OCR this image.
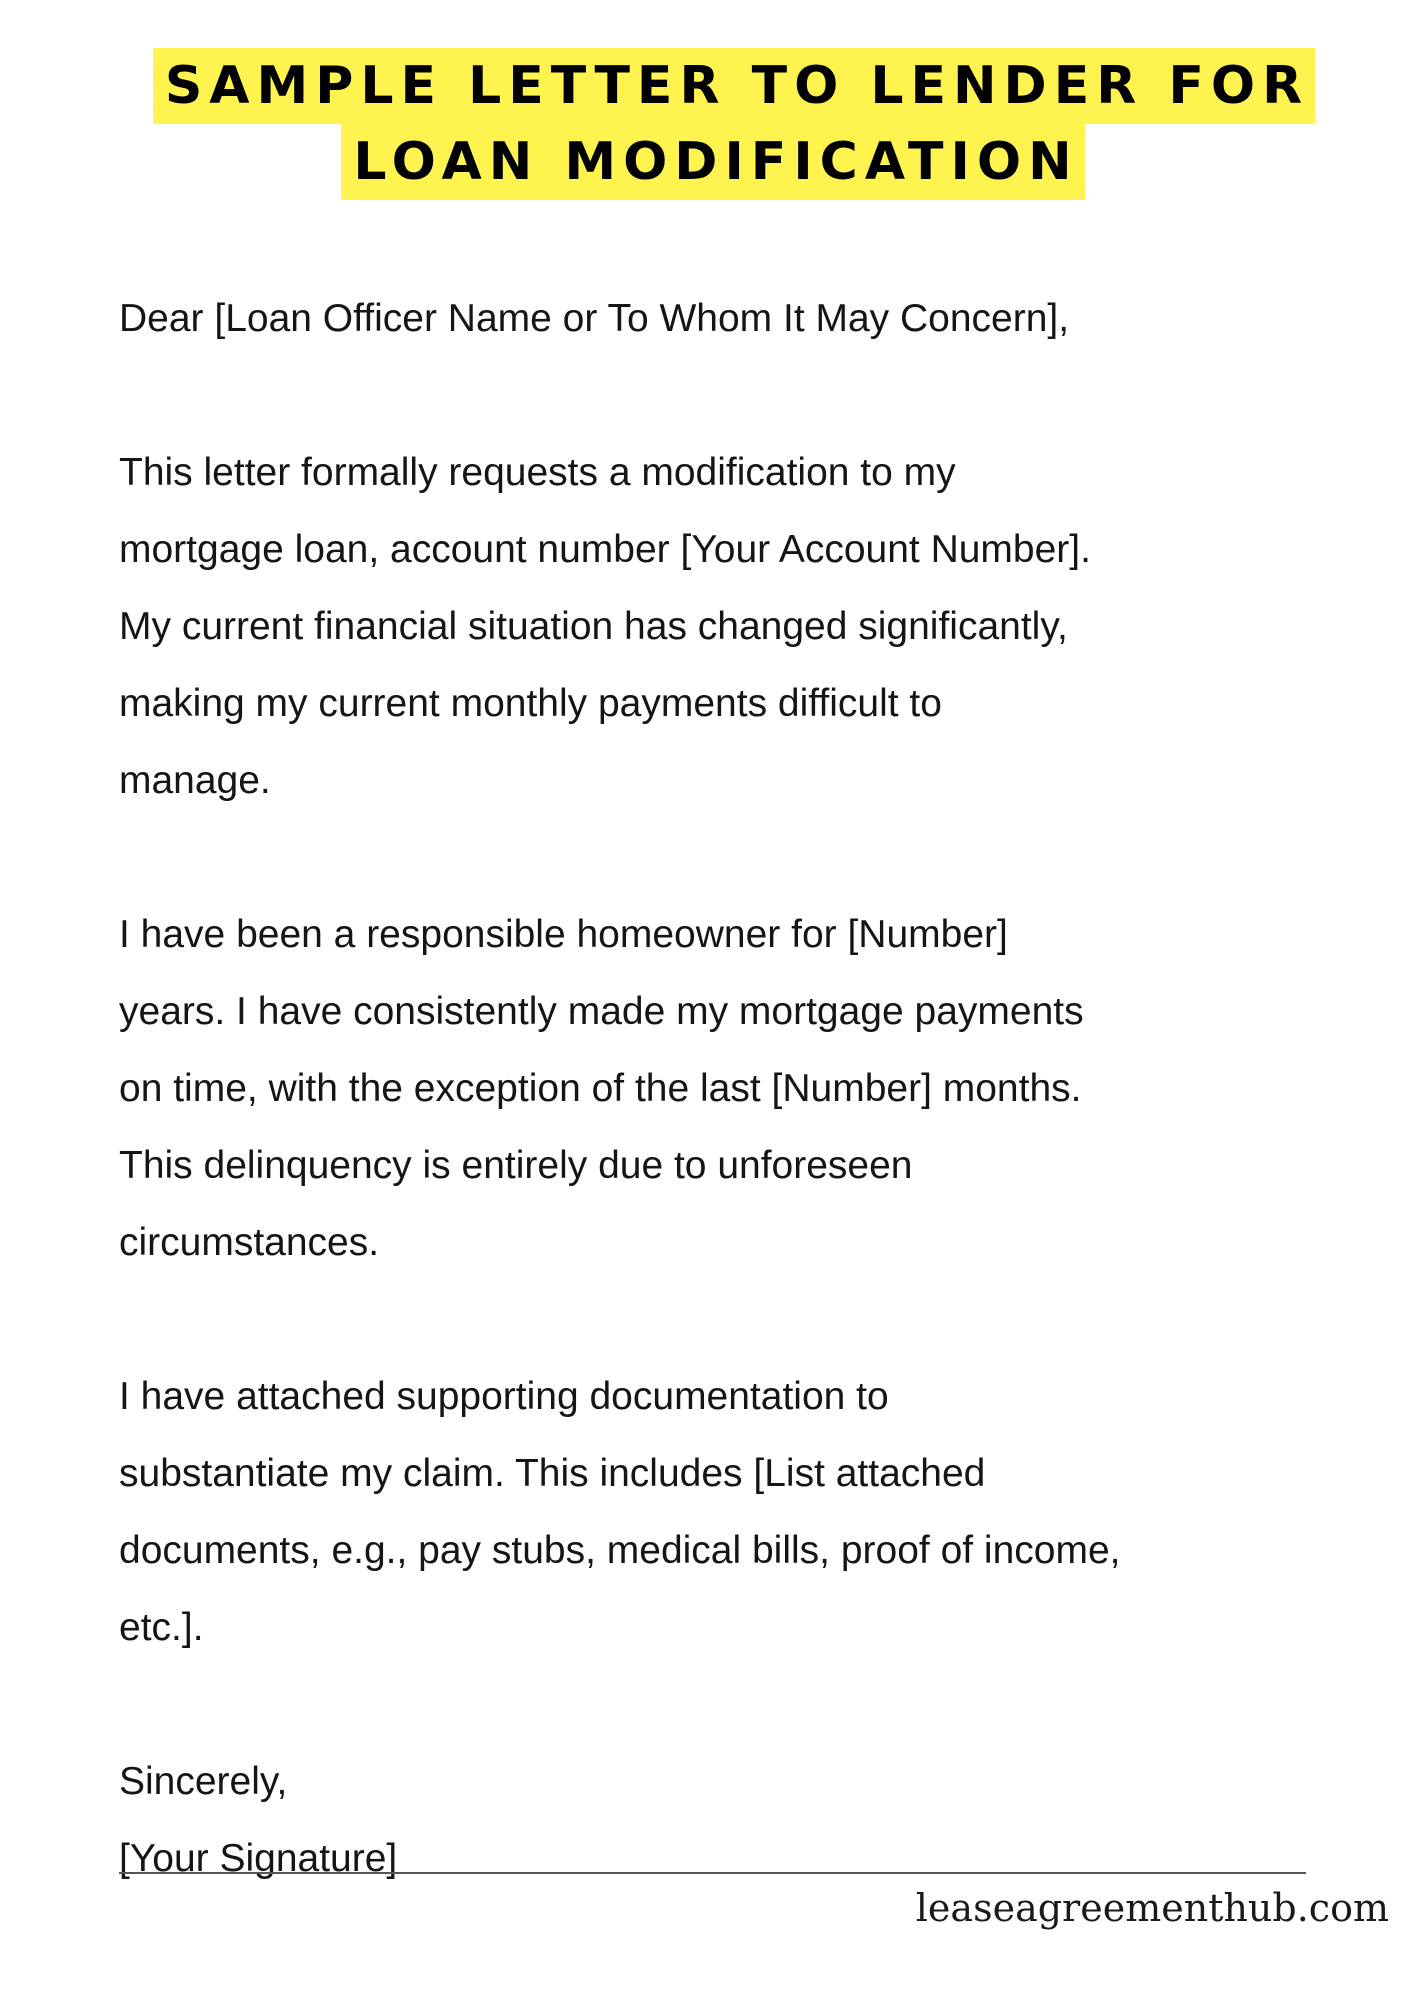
SAMPLE LETTER TO LENDER FOR
LOAN MODIFICATION
Dear [Loan Officer Name or To Whom It May Concern],
This letter formally requests a modification to my
mortgage loan, account number [Your Account Number].
My current financial situation has changed significantly,
making my current monthly payments difficult to
manage.
I have been a responsible homeowner for [Number]
years. I have consistently made my mortgage payments
on time, with the exception of the last [Number] months.
This delinquency is entirely due to unforeseen
circumstances.
I have attached supporting documentation to
substantiate my claim. This includes [List attached
documents, e.g., pay stubs, medical bills, proof of income,
etc.].
Sincerely,
[Your Signature]
leaseagreementhub.com
